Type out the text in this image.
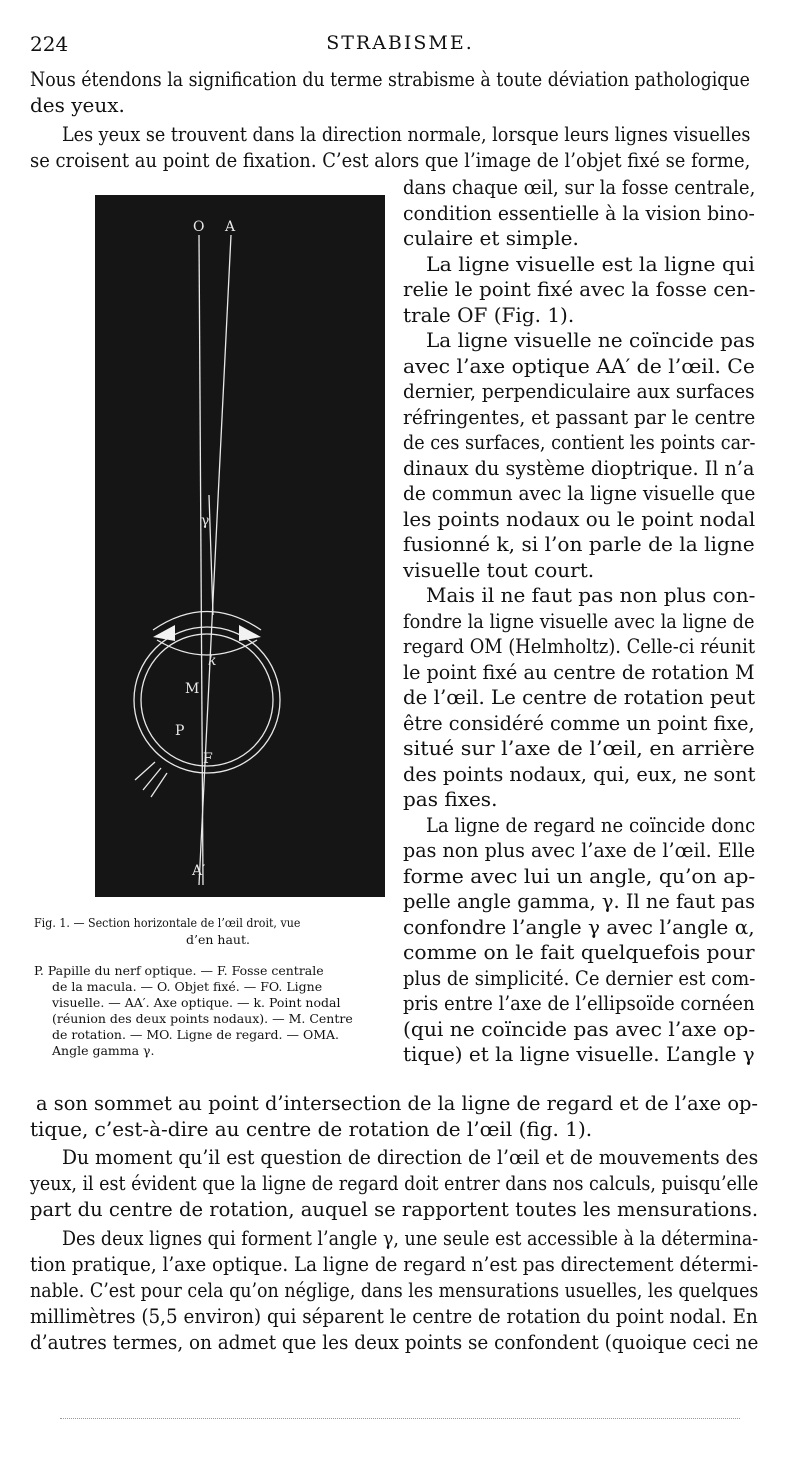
224	STRABISME.
Nous étendons la signification du terme strabisme à toute déviation pathologique
des yeux.
Les yeux se trouvent dans la direction normale, lorsque leurs lignes visuelles
se croisent au point de fixation. C’est alors que l’image de l’objet fixé se forme,
O A
γ
k
M
P
F
A′
Fig. 1. — Section horizontale de l’œil droit, vue
d’en haut.
P. Papille du nerf optique. — F. Fosse centrale
de la macula. — O. Objet fixé. — FO. Ligne
visuelle. — AA′. Axe optique. — k. Point nodal
(réunion des deux points nodaux). — M. Centre
de rotation. — MO. Ligne de regard. — OMA.
Angle gamma γ.
dans chaque œil, sur la fosse centrale,
condition essentielle à la vision bino-
culaire et simple.
La ligne visuelle est la ligne qui
relie le point fixé avec la fosse cen-
trale OF (Fig. 1).
La ligne visuelle ne coïncide pas
avec l’axe optique AA′ de l’œil. Ce
dernier, perpendiculaire aux surfaces
réfringentes, et passant par le centre
de ces surfaces, contient les points car-
dinaux du système dioptrique. Il n’a
de commun avec la ligne visuelle que
les points nodaux ou le point nodal
fusionné k, si l’on parle de la ligne
visuelle tout court.
Mais il ne faut pas non plus con-
fondre la ligne visuelle avec la ligne de
regard OM (Helmholtz). Celle-ci réunit
le point fixé au centre de rotation M
de l’œil. Le centre de rotation peut
être considéré comme un point fixe,
situé sur l’axe de l’œil, en arrière
des points nodaux, qui, eux, ne sont
pas fixes.
La ligne de regard ne coïncide donc
pas non plus avec l’axe de l’œil. Elle
forme avec lui un angle, qu’on ap-
pelle angle gamma, γ. Il ne faut pas
confondre l’angle γ avec l’angle α,
comme on le fait quelquefois pour
plus de simplicité. Ce dernier est com-
pris entre l’axe de l’ellipsoïde cornéen
(qui ne coïncide pas avec l’axe op-
tique) et la ligne visuelle. L’angle γ
a son sommet au point d’intersection de la ligne de regard et de l’axe op-
tique, c’est-à-dire au centre de rotation de l’œil (fig. 1).
Du moment qu’il est question de direction de l’œil et de mouvements des
yeux, il est évident que la ligne de regard doit entrer dans nos calculs, puisqu’elle
part du centre de rotation, auquel se rapportent toutes les mensurations.
Des deux lignes qui forment l’angle γ, une seule est accessible à la détermina-
tion pratique, l’axe optique. La ligne de regard n’est pas directement détermi-
nable. C’est pour cela qu’on néglige, dans les mensurations usuelles, les quelques
millimètres (5,5 environ) qui séparent le centre de rotation du point nodal. En
d’autres termes, on admet que les deux points se confondent (quoique ceci ne
